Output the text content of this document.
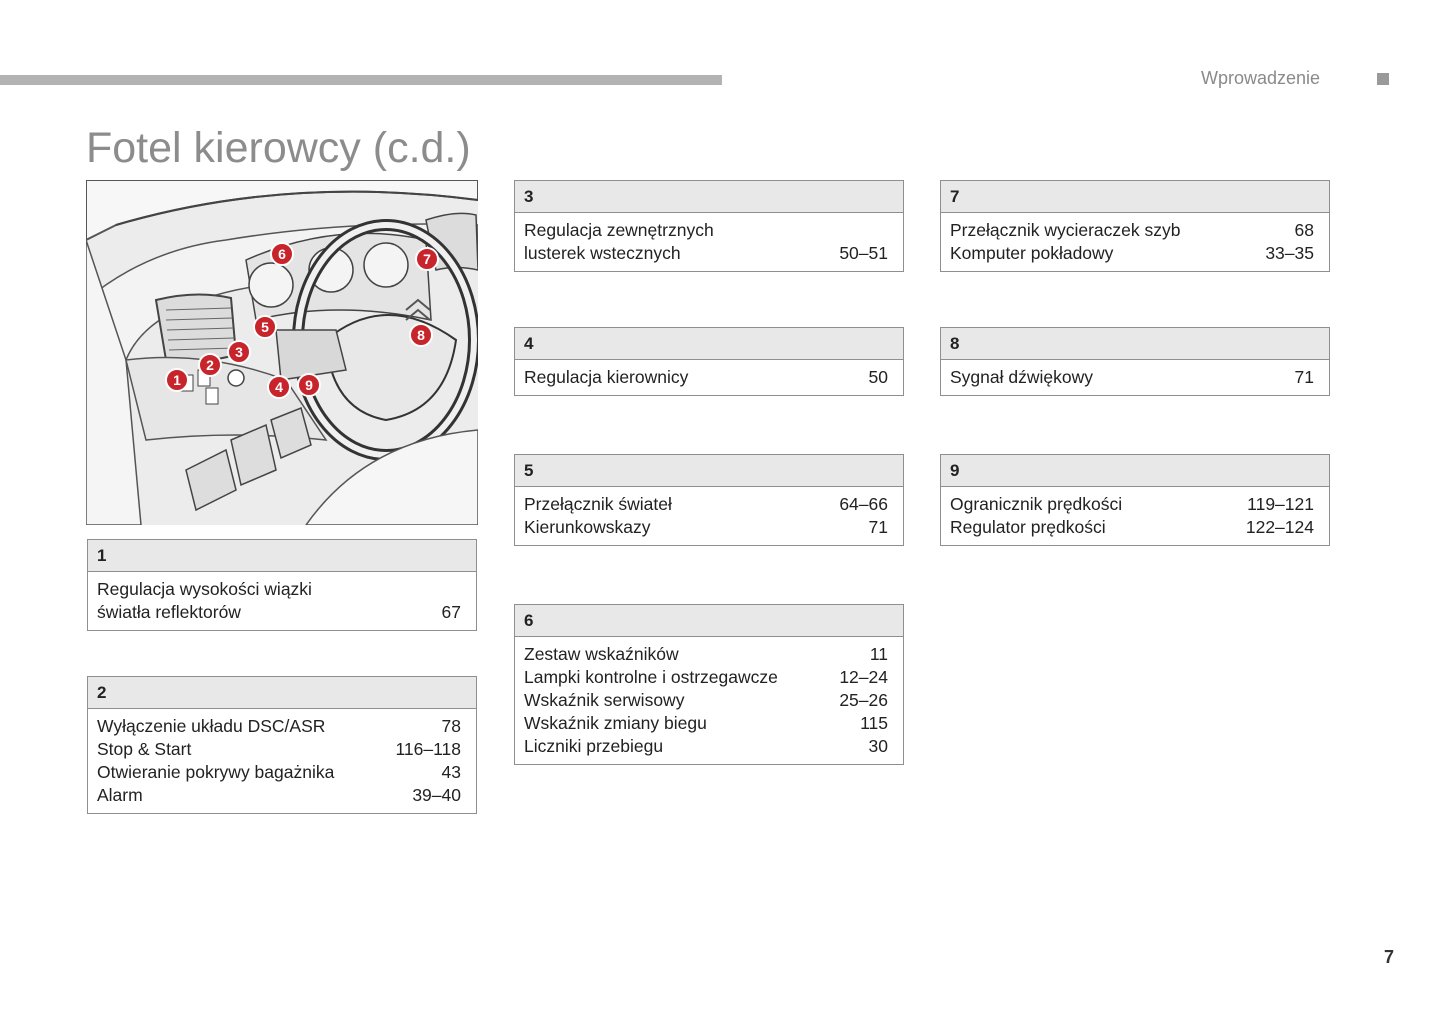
Wprowadzenie
Fotel kierowcy (c.d.)
1
2
3
4
5
6	7
8
9
1
Regulacja wysokości wiązki
światła reflektorów	67
2
Wyłączenie układu DSC/ASR	78
Stop & Start	116–118
Otwieranie pokrywy bagażnika	43
Alarm	39–40
3
Regulacja zewnętrznych
lusterek wstecznych	50–51
4
Regulacja kierownicy	50
5
Przełącznik świateł	64–66
Kierunkowskazy	71
6
Zestaw wskaźników	11
Lampki kontrolne i ostrzegawcze	12–24
Wskaźnik serwisowy	25–26
Wskaźnik zmiany biegu	115
Liczniki przebiegu	30
7
Przełącznik wycieraczek szyb	68
Komputer pokładowy	33–35
8
Sygnał dźwiękowy	71
9
Ogranicznik prędkości	119–121
Regulator prędkości	122–124
7
